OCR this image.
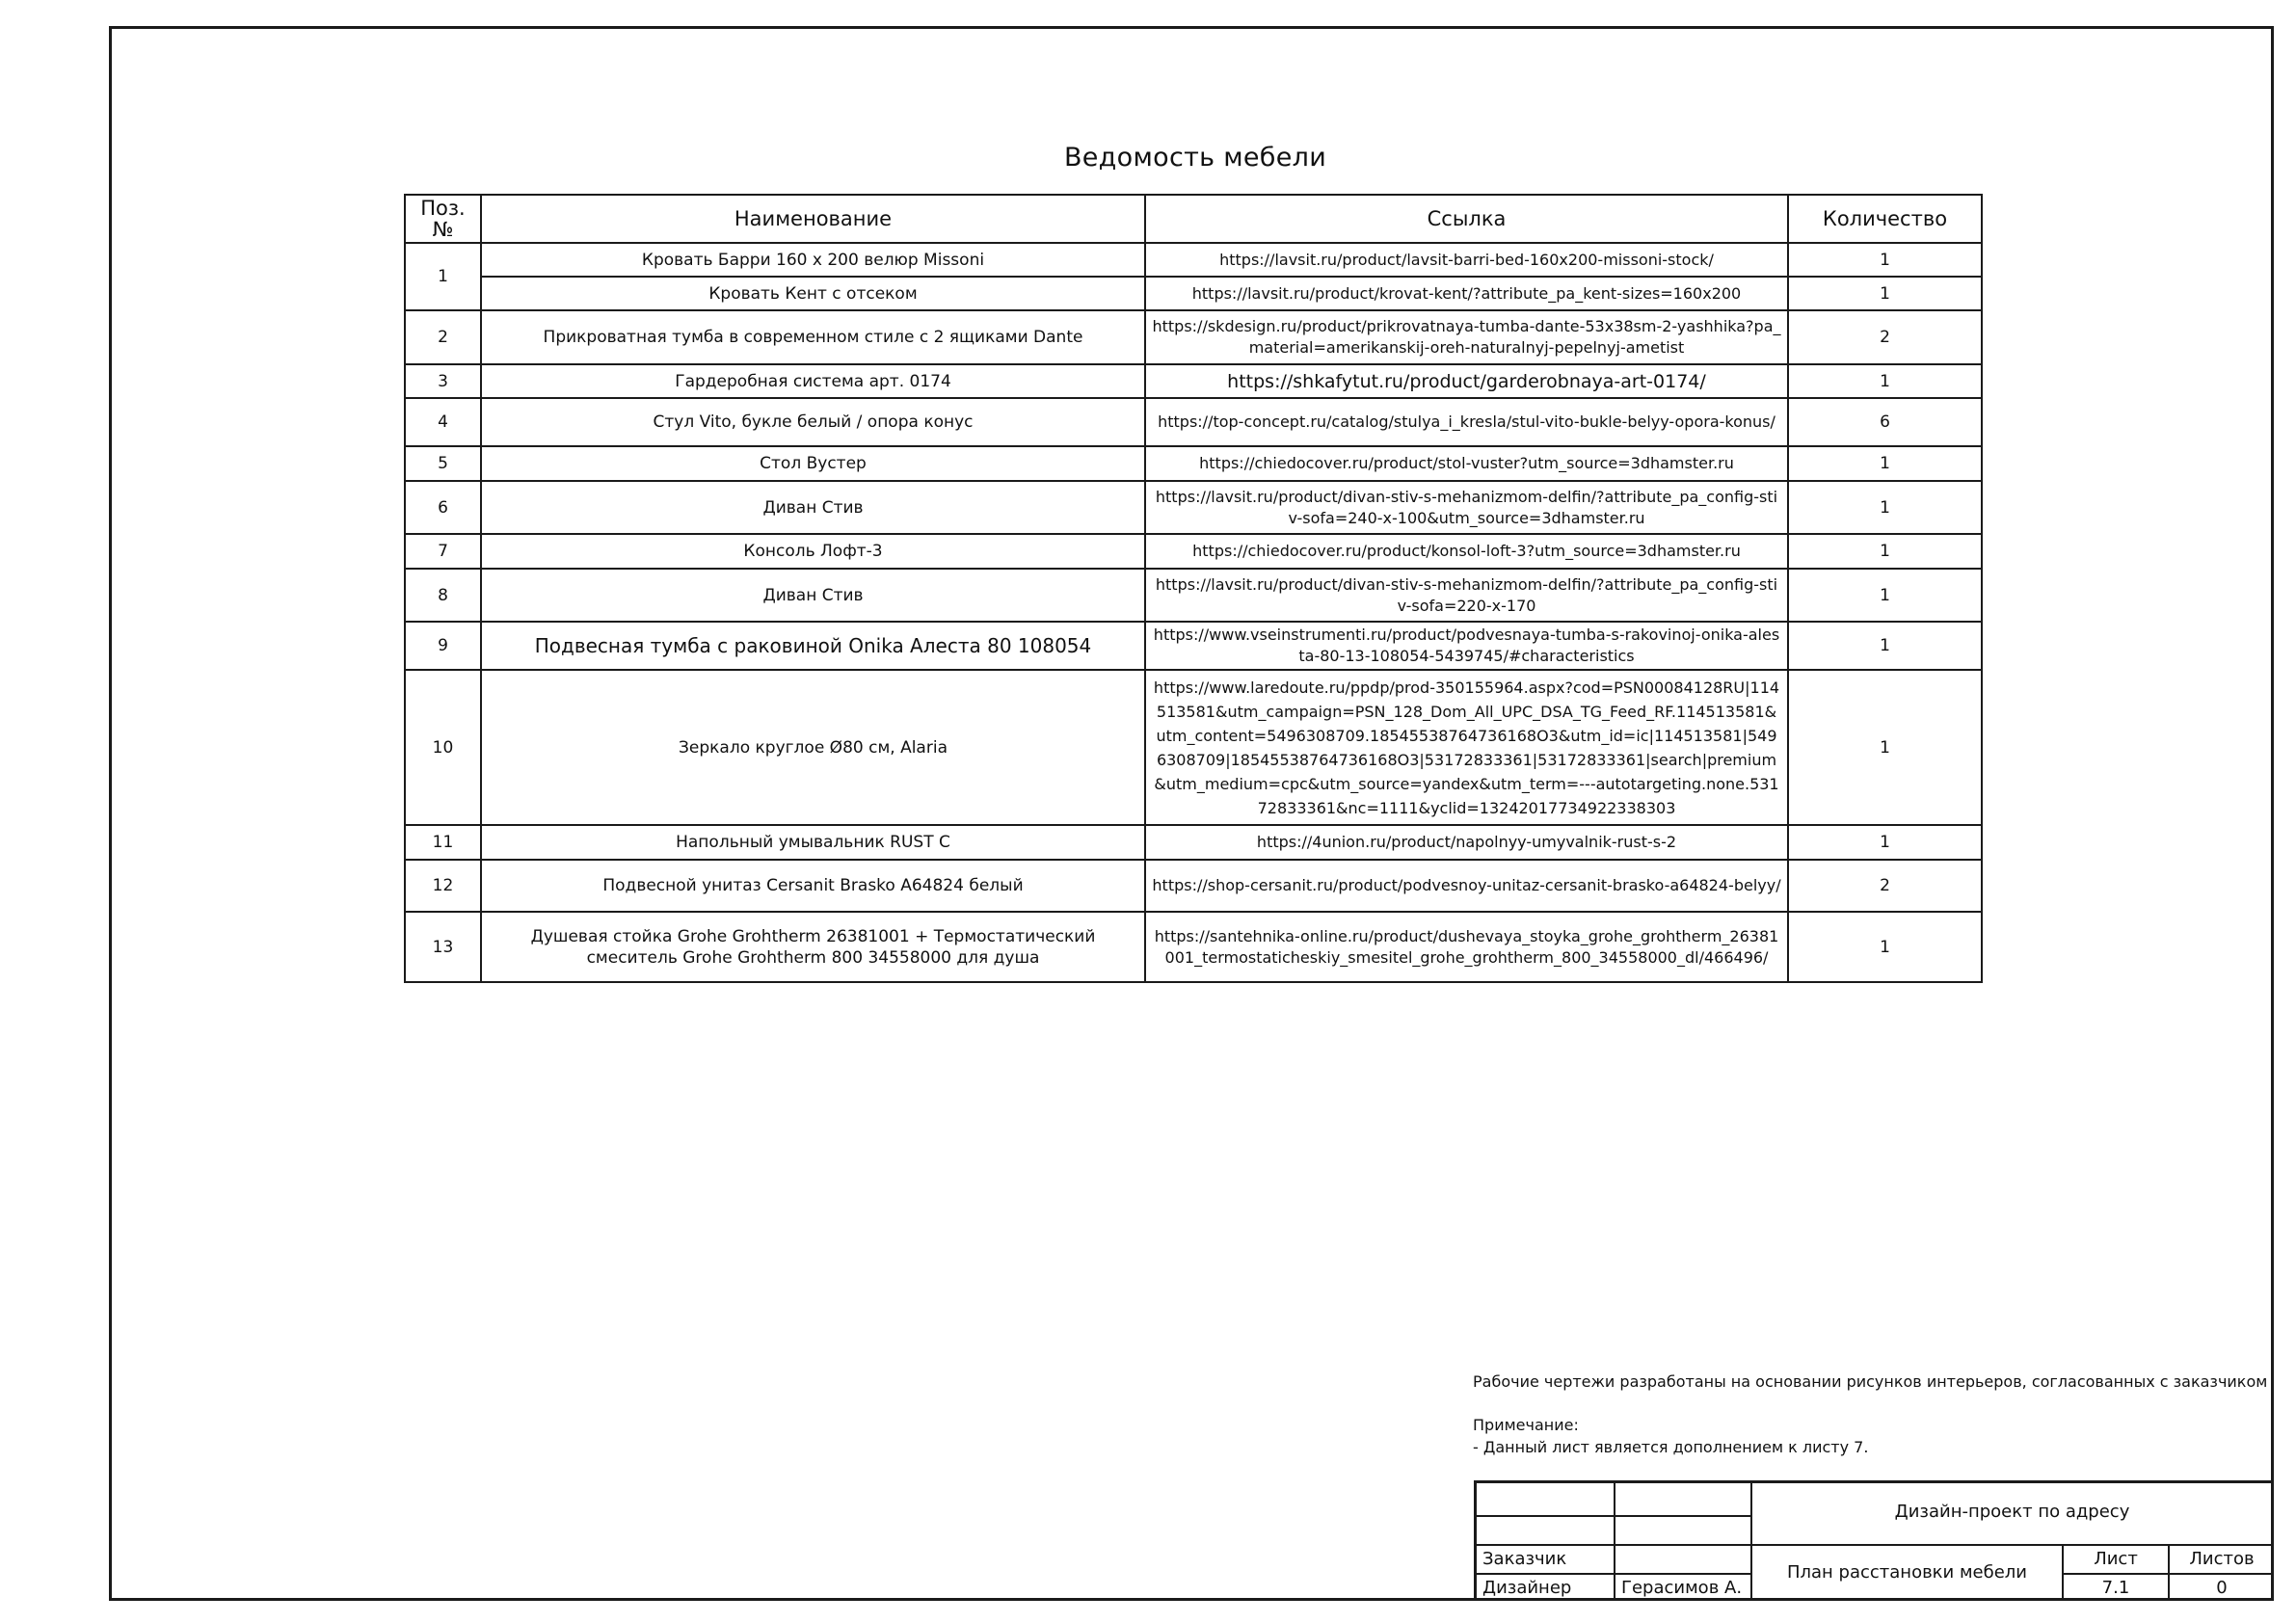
Ведомость мебели
Поз. №	Наименование	Ссылка	Количество
1	Кровать Барри 160 х 200 велюр Missoni	https://lavsit.ru/product/lavsit-barri-bed-160x200-missoni-stock/	1
	Кровать Кент с отсеком	https://lavsit.ru/product/krovat-kent/?attribute_pa_kent-sizes=160x200	1
2	Прикроватная тумба в современном стиле с 2 ящиками Dante	https://skdesign.ru/product/prikrovatnaya-tumba-dante-53x38sm-2-yashhika?pa_material=amerikanskij-oreh-naturalnyj-pepelnyj-ametist	2
3	Гардеробная система арт. 0174	https://shkafytut.ru/product/garderobnaya-art-0174/	1
4	Стул Vito, букле белый / опора конус	https://top-concept.ru/catalog/stulya_i_kresla/stul-vito-bukle-belyy-opora-konus/	6
5	Стол Вустер	https://chiedocover.ru/product/stol-vuster?utm_source=3dhamster.ru	1
6	Диван Стив	https://lavsit.ru/product/divan-stiv-s-mehanizmom-delfin/?attribute_pa_config-stiv-sofa=240-x-100&utm_source=3dhamster.ru	1
7	Консоль Лофт-3	https://chiedocover.ru/product/konsol-loft-3?utm_source=3dhamster.ru	1
8	Диван Стив	https://lavsit.ru/product/divan-stiv-s-mehanizmom-delfin/?attribute_pa_config-stiv-sofa=220-x-170	1
9	Подвесная тумба с раковиной Onika Алеста 80 108054	https://www.vseinstrumenti.ru/product/podvesnaya-tumba-s-rakovinoj-onika-alesta-80-13-108054-5439745/#characteristics	1
10	Зеркало круглое Ø80 см, Alaria	https://www.laredoute.ru/ppdp/prod-350155964.aspx?cod=PSN00084128RU|114513581&utm_campaign=PSN_128_Dom_All_UPC_DSA_TG_Feed_RF.114513581&utm_content=5496308709.18545538764736168O3&utm_id=ic|114513581|5496308709|18545538764736168O3|53172833361|53172833361|search|premium&utm_medium=cpc&utm_source=yandex&utm_term=---autotargeting.none.53172833361&nc=1111&yclid=13242017734922338303	1
11	Напольный умывальник RUST C	https://4union.ru/product/napolnyy-umyvalnik-rust-s-2	1
12	Подвесной унитаз Cersanit Brasko A64824 белый	https://shop-cersanit.ru/product/podvesnoy-unitaz-cersanit-brasko-a64824-belyy/	2
13	Душевая стойка Grohe Grohtherm 26381001 + Термостатический смеситель Grohe Grohtherm 800 34558000 для душа	https://santehnika-online.ru/product/dushevaya_stoyka_grohe_grohtherm_26381001_termostaticheskiy_smesitel_grohe_grohtherm_800_34558000_dl/466496/	1
Рабочие чертежи разработаны на основании рисунков интерьеров, согласованных с заказчиком
Примечание:
- Данный лист является дополнением к листу 7.
Дизайн-проект по адресу
Заказчик
Дизайнер	Герасимов А.
План расстановки мебели
Лист	Листов
7.1	0
